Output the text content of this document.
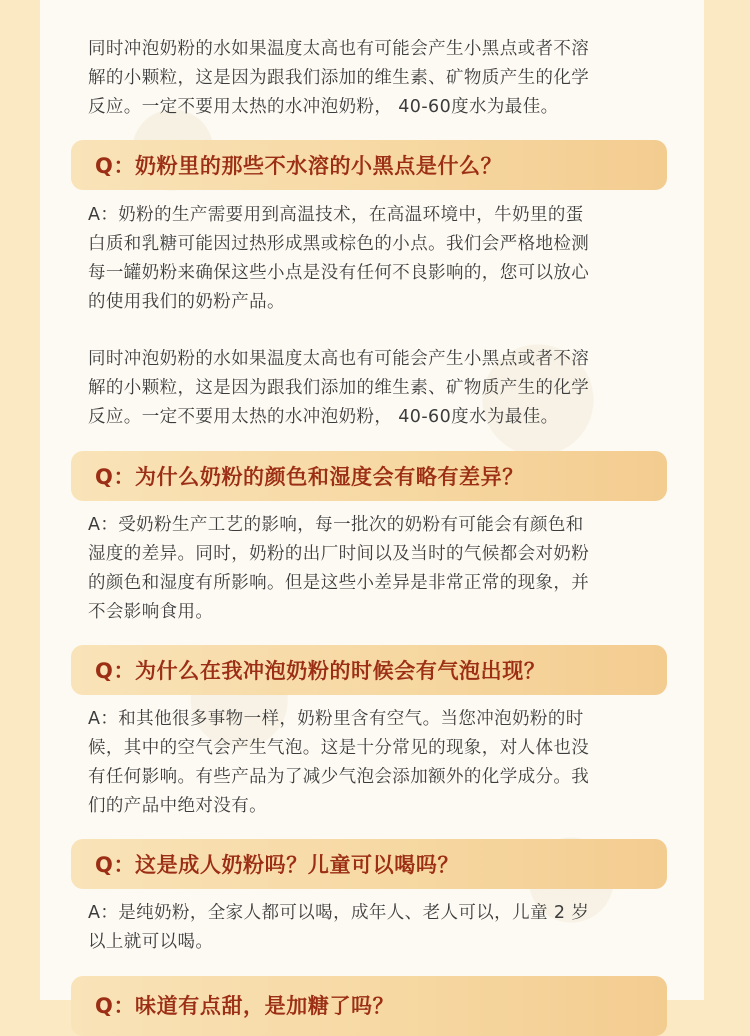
同时冲泡奶粉的水如果温度太高也有可能会产生小黑点或者不溶
解的小颗粒，这是因为跟我们添加的维生素、矿物质产生的化学
反应。一定不要用太热的水冲泡奶粉， 40-60度水为最佳。
Q：奶粉里的那些不水溶的小黑点是什么？
A：奶粉的生产需要用到高温技术，在高温环境中，牛奶里的蛋
白质和乳糖可能因过热形成黑或棕色的小点。我们会严格地检测
每一罐奶粉来确保这些小点是没有任何不良影响的，您可以放心
的使用我们的奶粉产品。
同时冲泡奶粉的水如果温度太高也有可能会产生小黑点或者不溶
解的小颗粒，这是因为跟我们添加的维生素、矿物质产生的化学
反应。一定不要用太热的水冲泡奶粉， 40-60度水为最佳。
Q：为什么奶粉的颜色和湿度会有略有差异？
A：受奶粉生产工艺的影响，每一批次的奶粉有可能会有颜色和
湿度的差异。同时，奶粉的出厂时间以及当时的气候都会对奶粉
的颜色和湿度有所影响。但是这些小差异是非常正常的现象，并
不会影响食用。
Q：为什么在我冲泡奶粉的时候会有气泡出现？
A：和其他很多事物一样，奶粉里含有空气。当您冲泡奶粉的时
候，其中的空气会产生气泡。这是十分常见的现象，对人体也没
有任何影响。有些产品为了减少气泡会添加额外的化学成分。我
们的产品中绝对没有。
Q：这是成人奶粉吗？儿童可以喝吗？
A：是纯奶粉，全家人都可以喝，成年人、老人可以，儿童 2 岁
以上就可以喝。
Q：味道有点甜，是加糖了吗？
